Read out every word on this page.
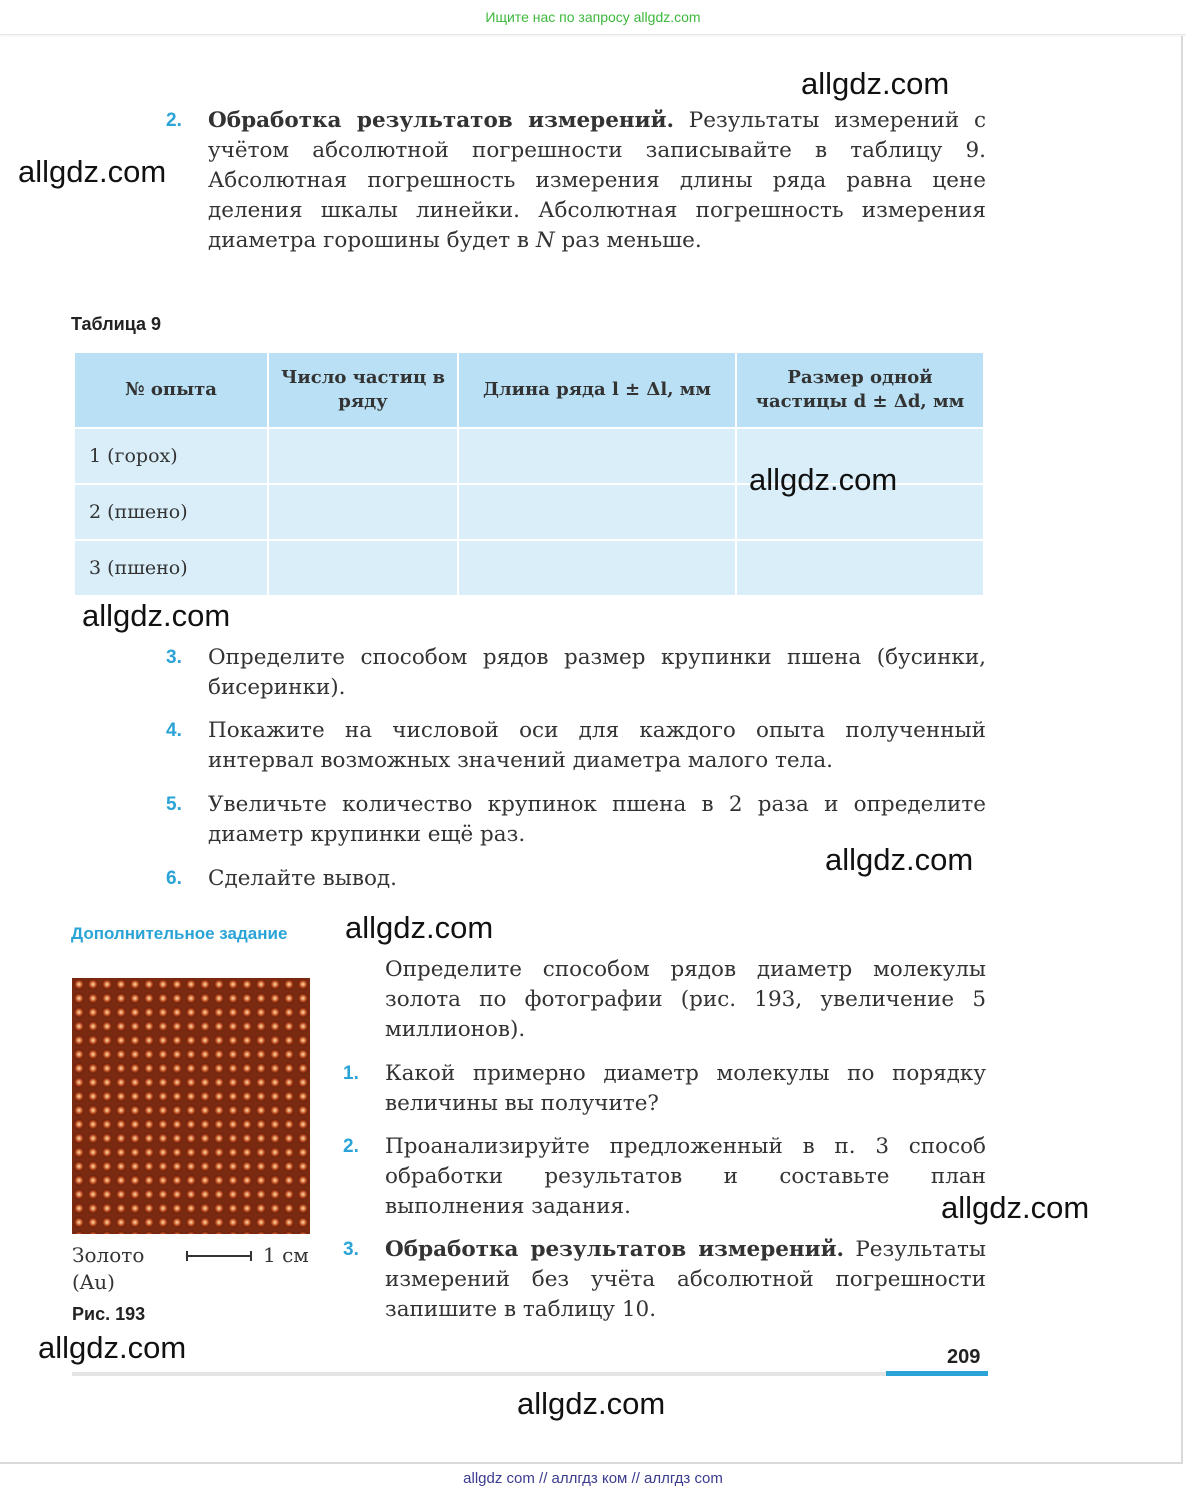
Ищите нас по запросу allgdz.com
2. Обработка результатов измерений. Результаты измерений с учётом абсолютной погрешности записывайте в таблицу 9. Абсолютная погрешность измерения длины ряда равна цене деления шкалы линейки. Абсолютная погрешность измерения диаметра горошины будет в N раз меньше.
Таблица 9
№ опыта	Число частиц в ряду	Длина ряда l ± Δl, мм	Размер одной частицы d ± Δd, мм
1 (горох)			
2 (пшено)			
3 (пшено)			
3. Определите способом рядов размер крупинки пшена (бусинки, бисеринки).
4. Покажите на числовой оси для каждого опыта полученный интервал возможных значений диаметра малого тела.
5. Увеличьте количество крупинок пшена в 2 раза и определите диаметр крупинки ещё раз.
6. Сделайте вывод.
Дополнительное задание
Определите способом рядов диаметр молекулы золота по фотографии (рис. 193, увеличение 5 миллионов).
1. Какой примерно диаметр молекулы по порядку величины вы получите?
2. Проанализируйте предложенный в п. 3 способ обработки результатов и составьте план выполнения задания.
3. Обработка результатов измерений. Результаты измерений без учёта абсолютной погрешности запишите в таблицу 10.
Золото
(Au)
1 см
Рис. 193
209
allgdz.com
allgdz.com
allgdz.com
allgdz.com
allgdz.com
allgdz.com
allgdz.com
allgdz.com
allgdz.com
allgdz com // аллгдз ком // аллгдз com
